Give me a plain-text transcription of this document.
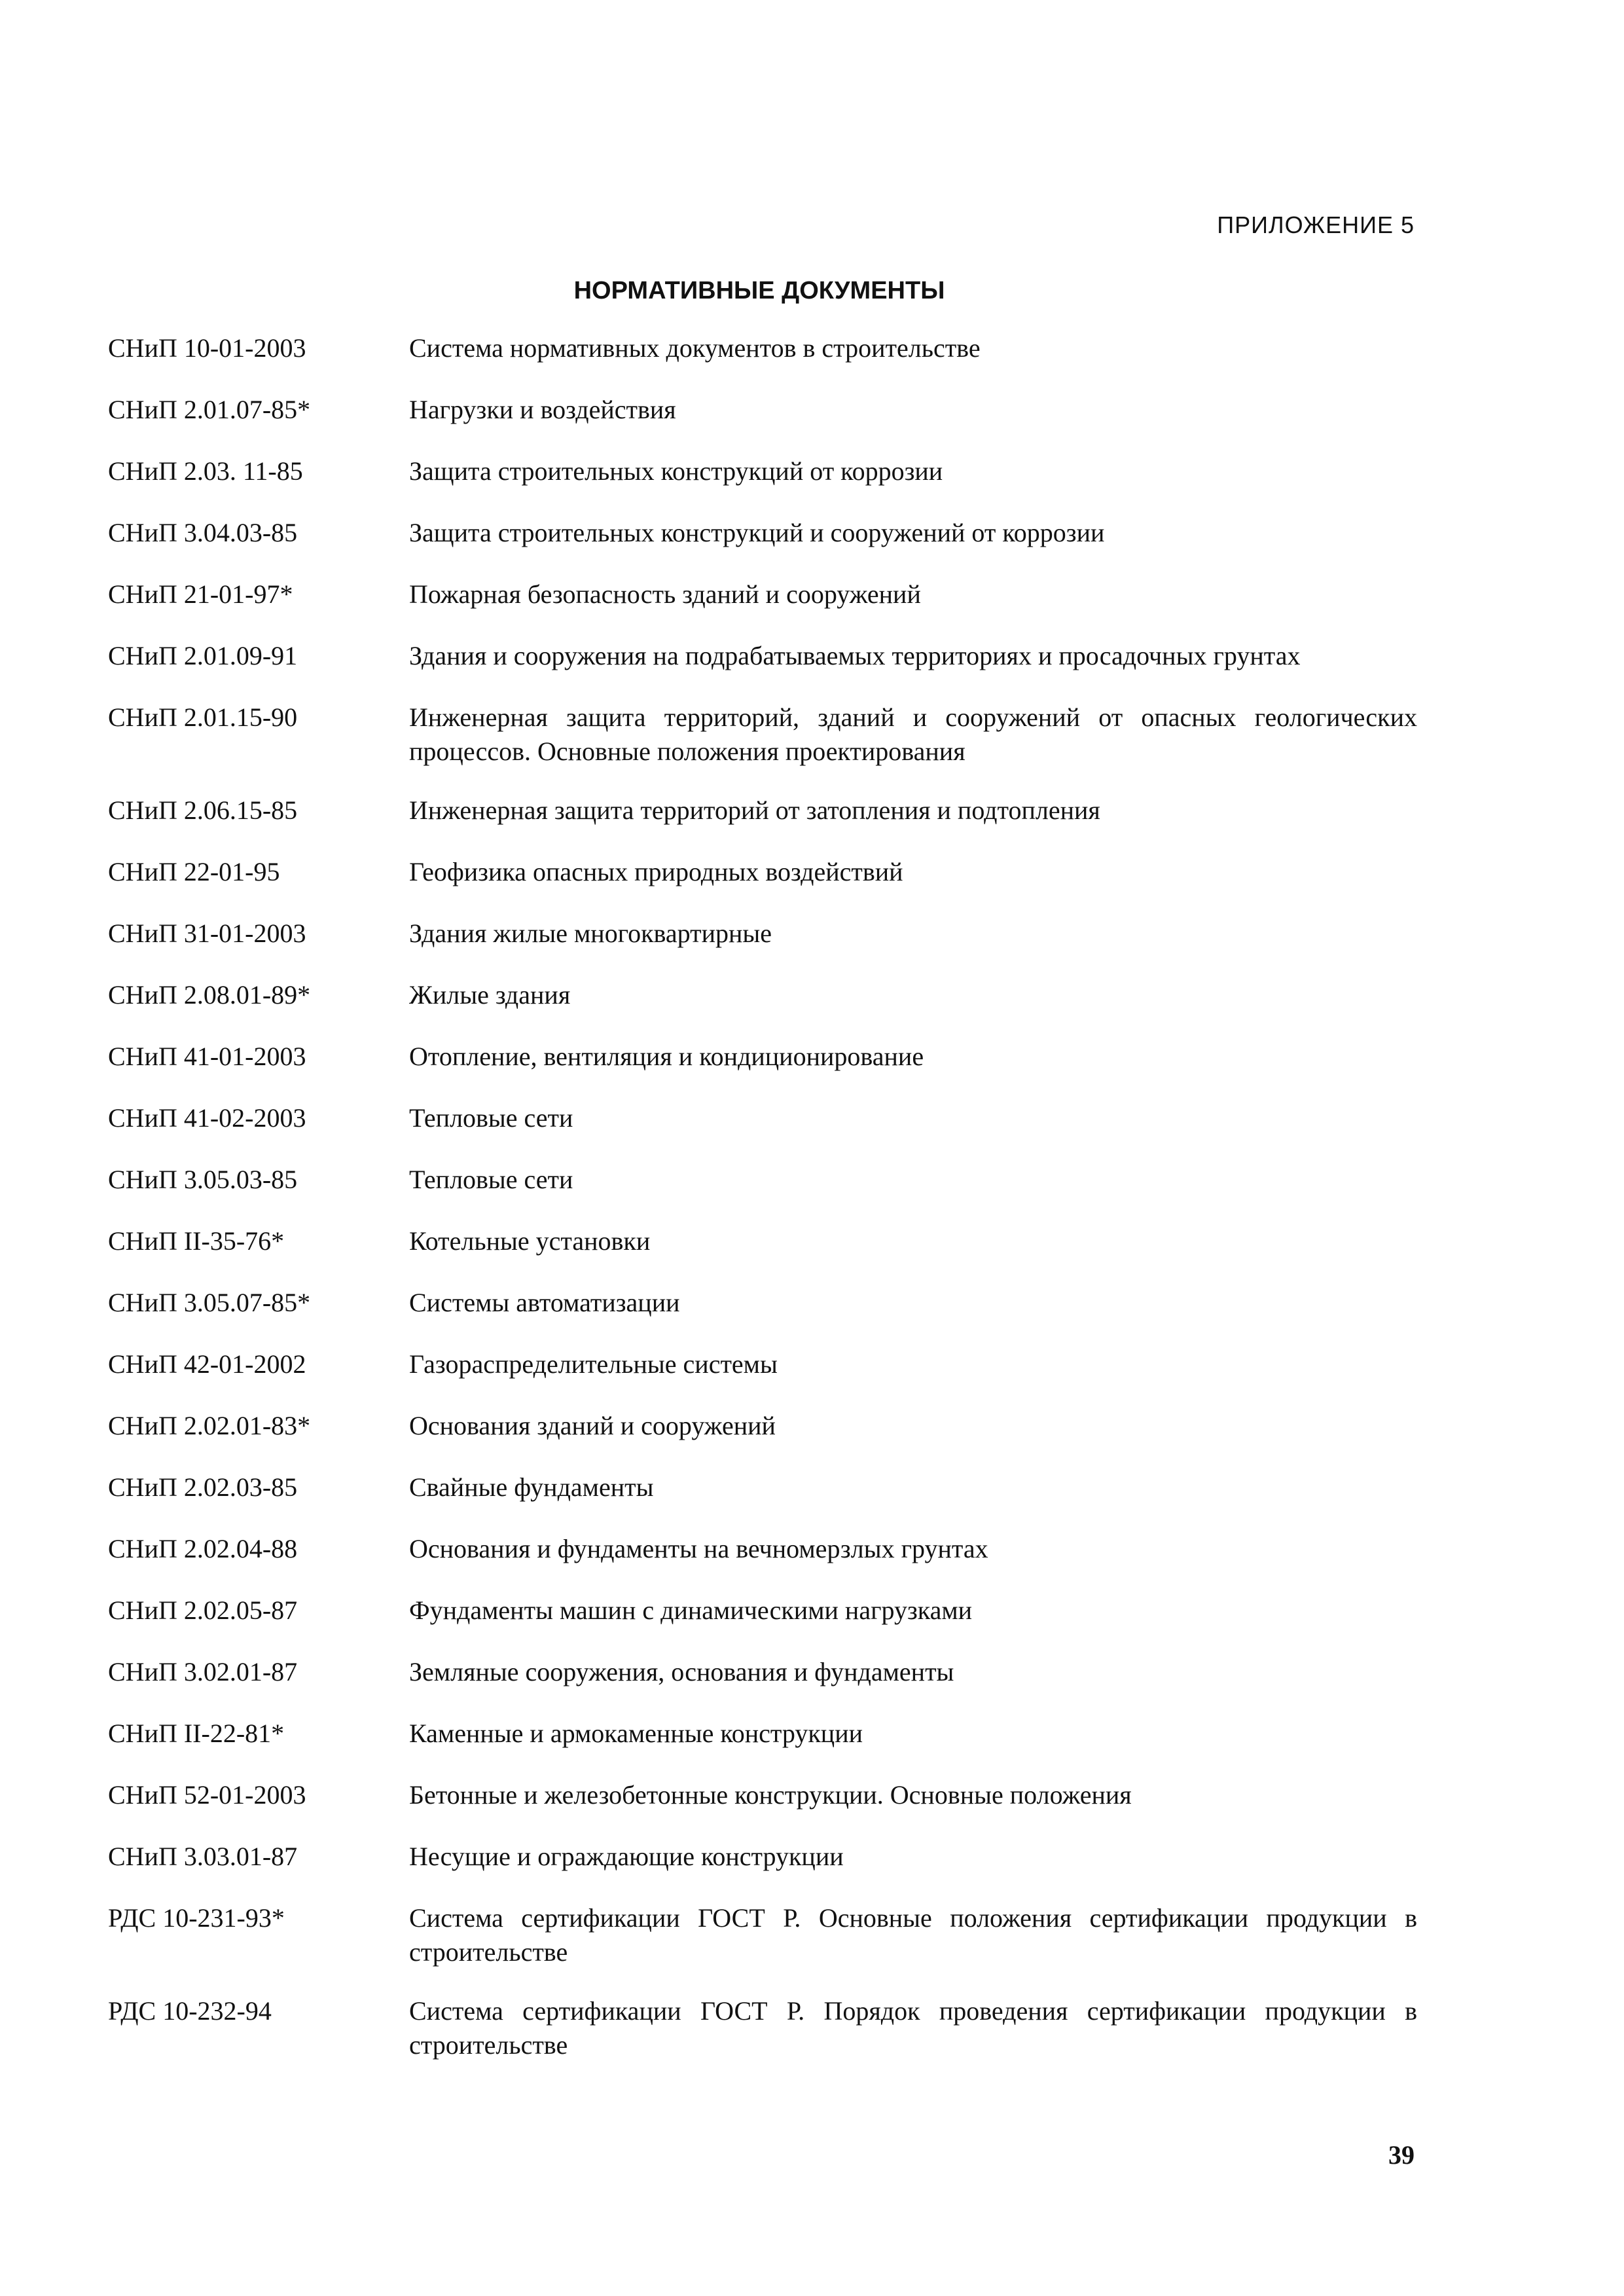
ПРИЛОЖЕНИЕ 5
НОРМАТИВНЫЕ ДОКУМЕНТЫ
СНиП 10-01-2003	Система нормативных документов в строительстве
СНиП 2.01.07-85*	Нагрузки и воздействия
СНиП 2.03. 11-85	Защита строительных конструкций от коррозии
СНиП 3.04.03-85	Защита строительных конструкций и сооружений от коррозии
СНиП 21-01-97*	Пожарная безопасность зданий и сооружений
СНиП 2.01.09-91	Здания и сооружения на подрабатываемых территориях и просадочных грунтах
СНиП 2.01.15-90	Инженерная защита территорий, зданий и сооружений от опасных геологических процессов. Основные положения проектирования
СНиП 2.06.15-85	Инженерная защита территорий от затопления и подтопления
СНиП 22-01-95	Геофизика опасных природных воздействий
СНиП 31-01-2003	Здания жилые многоквартирные
СНиП 2.08.01-89*	Жилые здания
СНиП 41-01-2003	Отопление, вентиляция и кондиционирование
СНиП 41-02-2003	Тепловые сети
СНиП 3.05.03-85	Тепловые сети
СНиП II-35-76*	Котельные установки
СНиП 3.05.07-85*	Системы автоматизации
СНиП 42-01-2002	Газораспределительные системы
СНиП 2.02.01-83*	Основания зданий и сооружений
СНиП 2.02.03-85	Свайные фундаменты
СНиП 2.02.04-88	Основания и фундаменты на вечномерзлых грунтах
СНиП 2.02.05-87	Фундаменты машин с динамическими нагрузками
СНиП 3.02.01-87	Земляные сооружения, основания и фундаменты
СНиП II-22-81*	Каменные и армокаменные конструкции
СНиП 52-01-2003	Бетонные и железобетонные конструкции. Основные положения
СНиП 3.03.01-87	Несущие и ограждающие конструкции
РДС 10-231-93*	Система сертификации ГОСТ Р. Основные положения сертификации продукции в строительстве
РДС 10-232-94	Система сертификации ГОСТ Р. Порядок проведения сертификации продукции в строительстве
39
